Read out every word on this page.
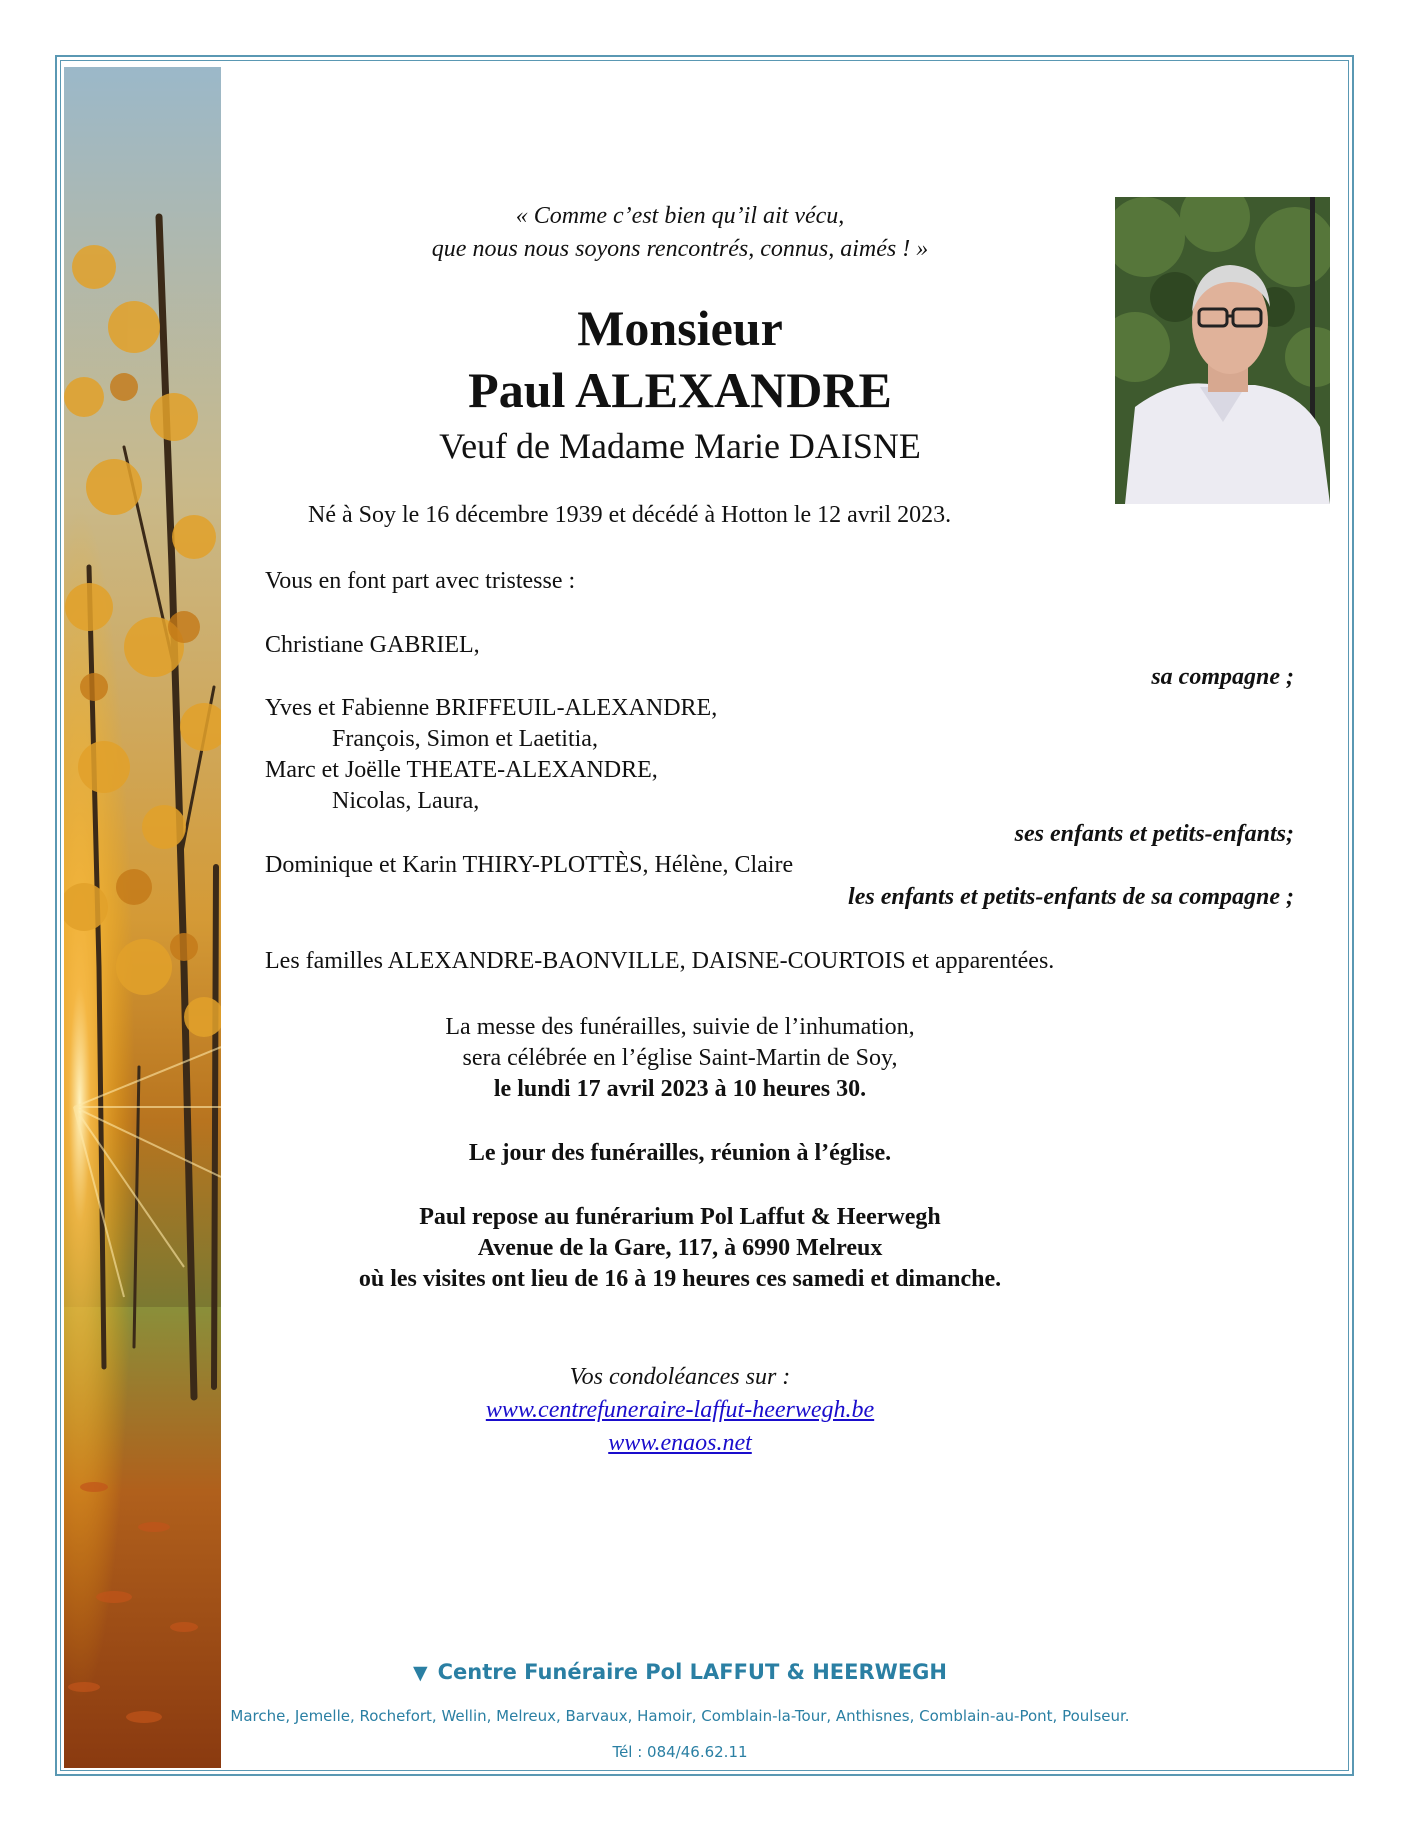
« Comme c’est bien qu’il ait vécu,
que nous nous soyons rencontrés, connus, aimés ! »
Monsieur
Paul ALEXANDRE
Veuf de Madame Marie DAISNE
Né à Soy le 16 décembre 1939 et décédé à Hotton le 12 avril 2023.
Vous en font part avec tristesse :
Christiane GABRIEL,
sa compagne ;
Yves et Fabienne BRIFFEUIL-ALEXANDRE,
François, Simon et Laetitia,
Marc et Joëlle THEATE-ALEXANDRE,
Nicolas, Laura,
ses enfants et petits-enfants;
Dominique et Karin THIRY-PLOTTÈS, Hélène, Claire
les enfants et petits-enfants de sa compagne ;
Les familles ALEXANDRE-BAONVILLE, DAISNE-COURTOIS et apparentées.
La messe des funérailles, suivie de l’inhumation,
sera célébrée en l’église Saint-Martin de Soy,
le lundi 17 avril 2023 à 10 heures 30.
Le jour des funérailles, réunion à l’église.
Paul repose au funérarium Pol Laffut & Heerwegh
Avenue de la Gare, 117, à 6990 Melreux
où les visites ont lieu de 16 à 19 heures ces samedi et dimanche.
Vos condoléances sur :
www.centrefuneraire-laffut-heerwegh.be
www.enaos.net
▼ Centre Funéraire Pol LAFFUT & HEERWEGH
Marche, Jemelle, Rochefort, Wellin, Melreux, Barvaux, Hamoir, Comblain-la-Tour, Anthisnes, Comblain-au-Pont, Poulseur.
Tél : 084/46.62.11
